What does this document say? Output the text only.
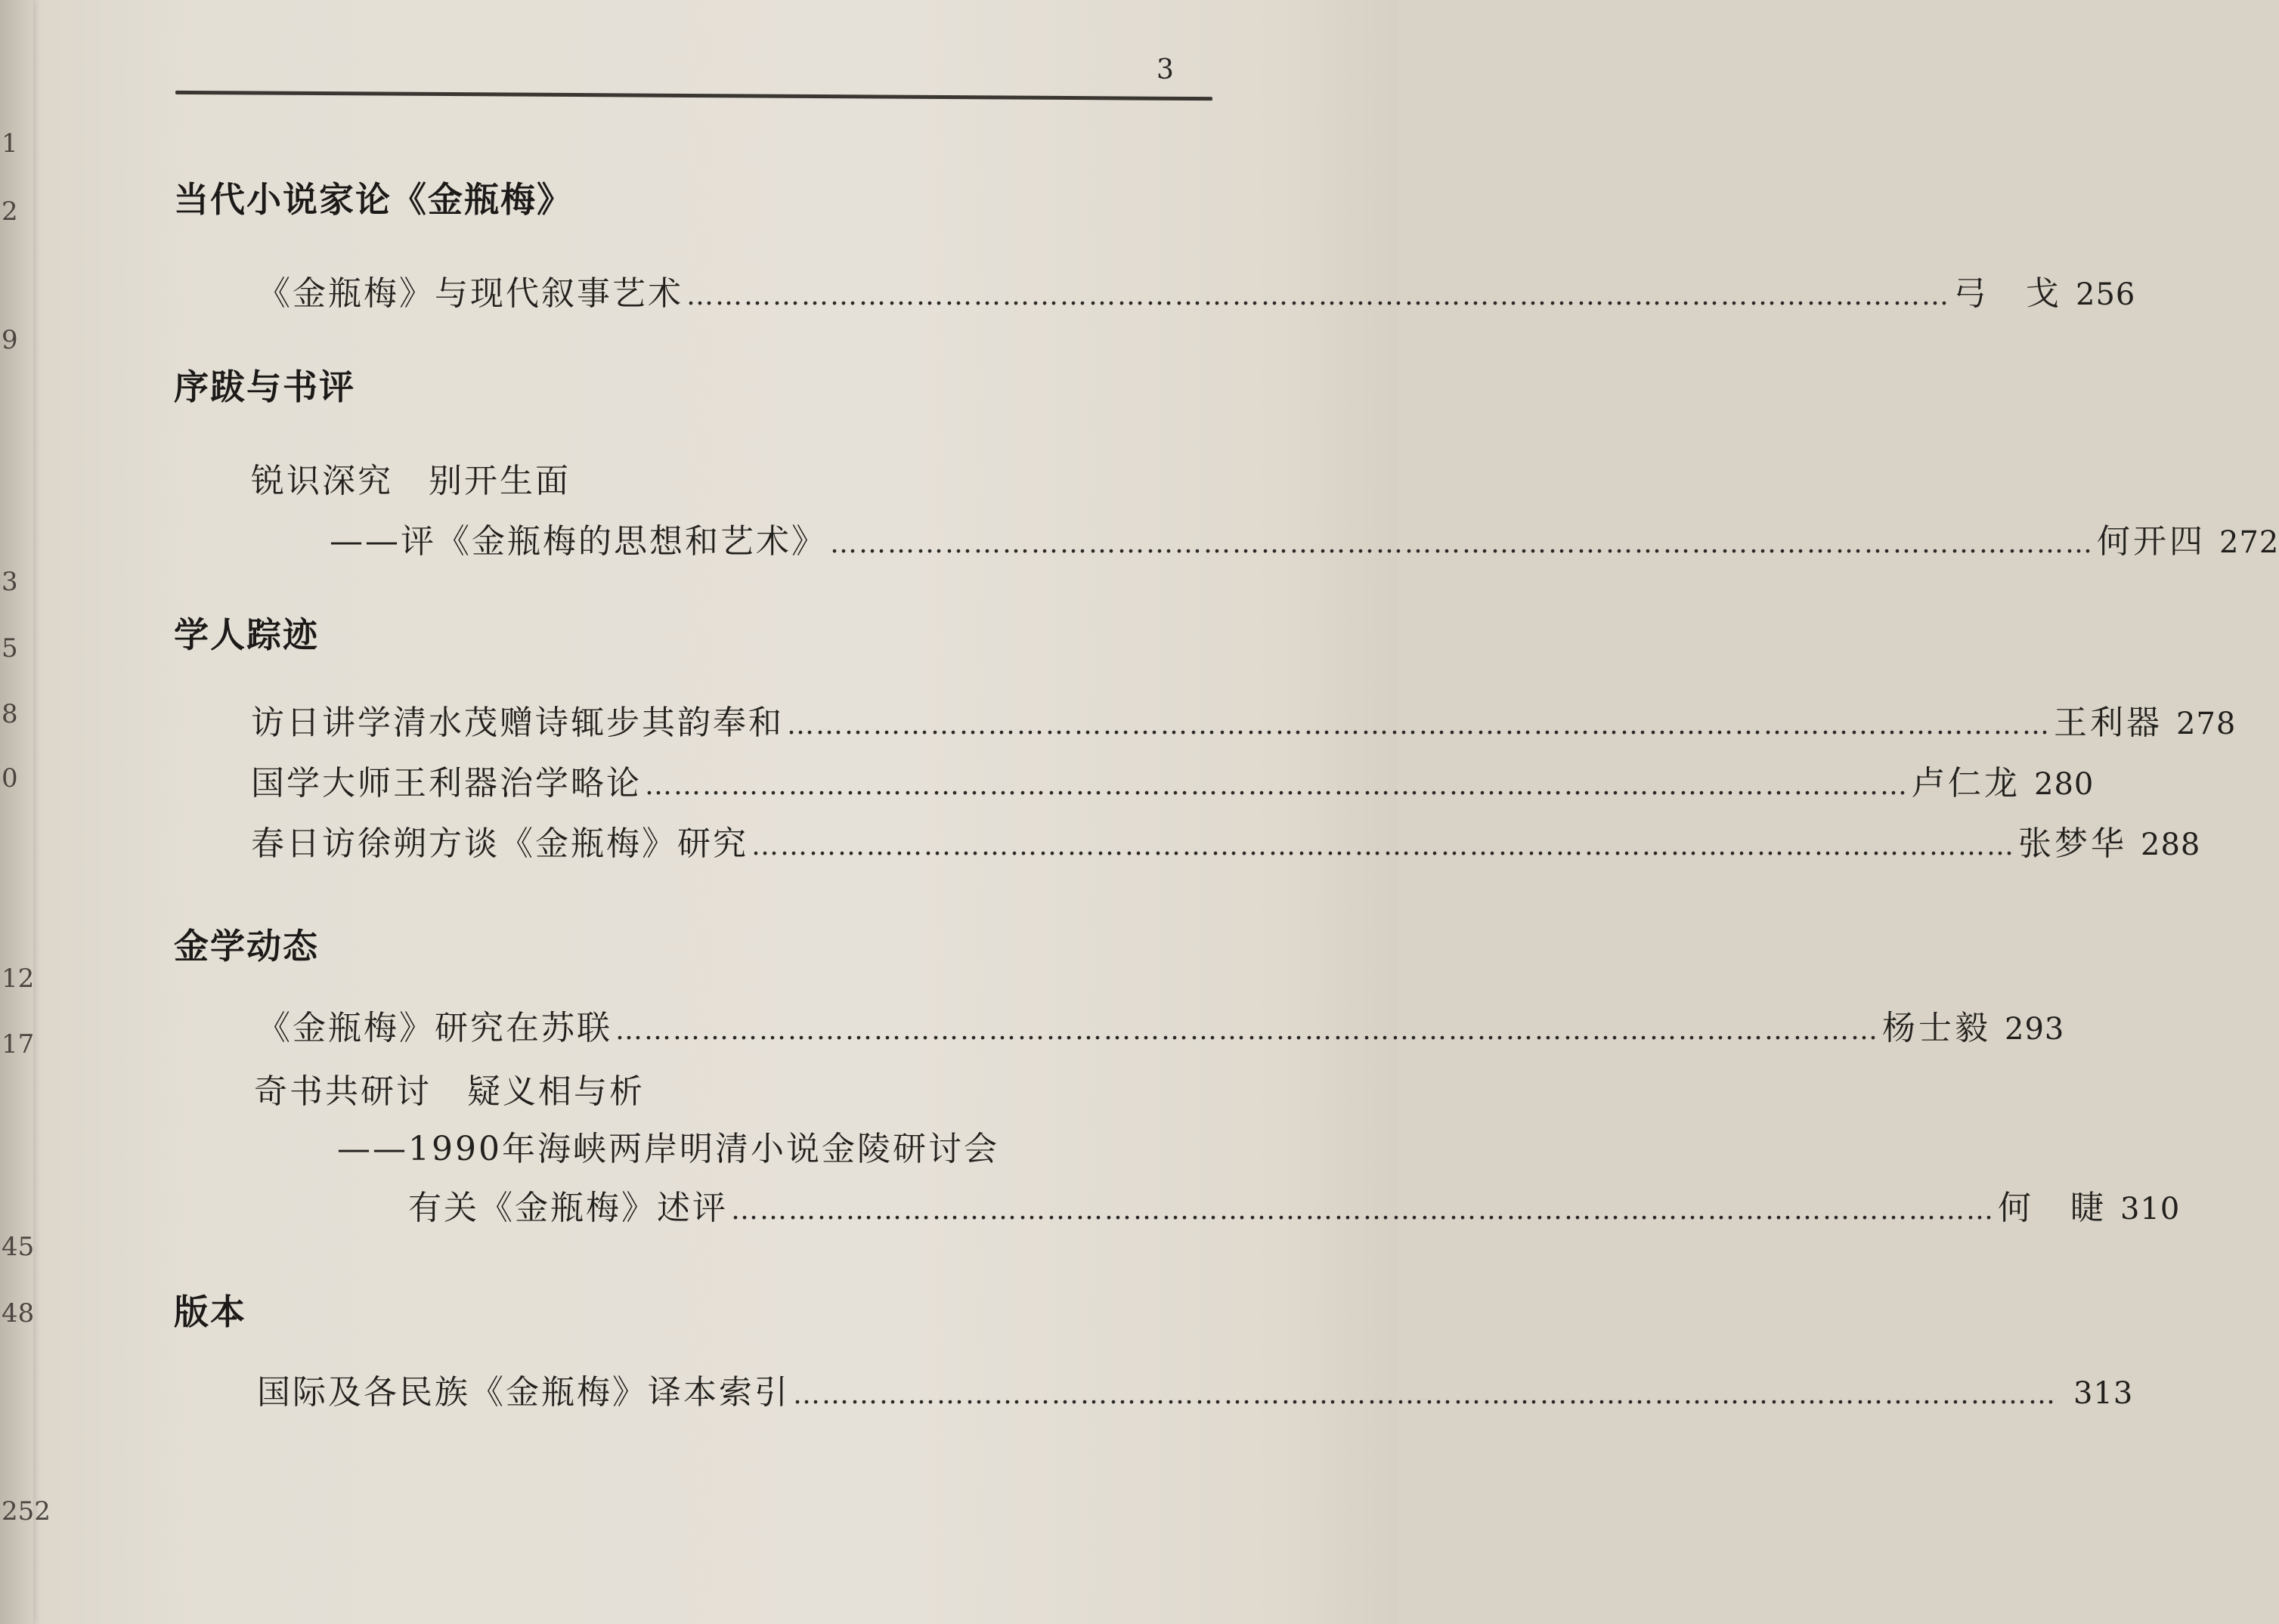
1
2
9
3
5
8
0
12
17
45
48
252
3
当代小说家论《金瓶梅》
《金瓶梅》与现代叙事艺术 …………………………………………………………………………………………………………………… 弓　戈 256
序跋与书评
锐识深究　别开生面
——评《金瓶梅的思想和艺术》 …………………………………………………………………………………………………………………… 何开四 272
学人踪迹
访日讲学清水茂赠诗辄步其韵奉和 …………………………………………………………………………………………………………………… 王利器 278
国学大师王利器治学略论 …………………………………………………………………………………………………………………… 卢仁龙 280
春日访徐朔方谈《金瓶梅》研究 …………………………………………………………………………………………………………………… 张梦华 288
金学动态
《金瓶梅》研究在苏联 …………………………………………………………………………………………………………………… 杨士毅 293
奇书共研讨　疑义相与析
——1990年海峡两岸明清小说金陵研讨会
有关《金瓶梅》述评 …………………………………………………………………………………………………………………… 何　睫 310
版本
国际及各民族《金瓶梅》译本索引 …………………………………………………………………………………………………………………… 313
